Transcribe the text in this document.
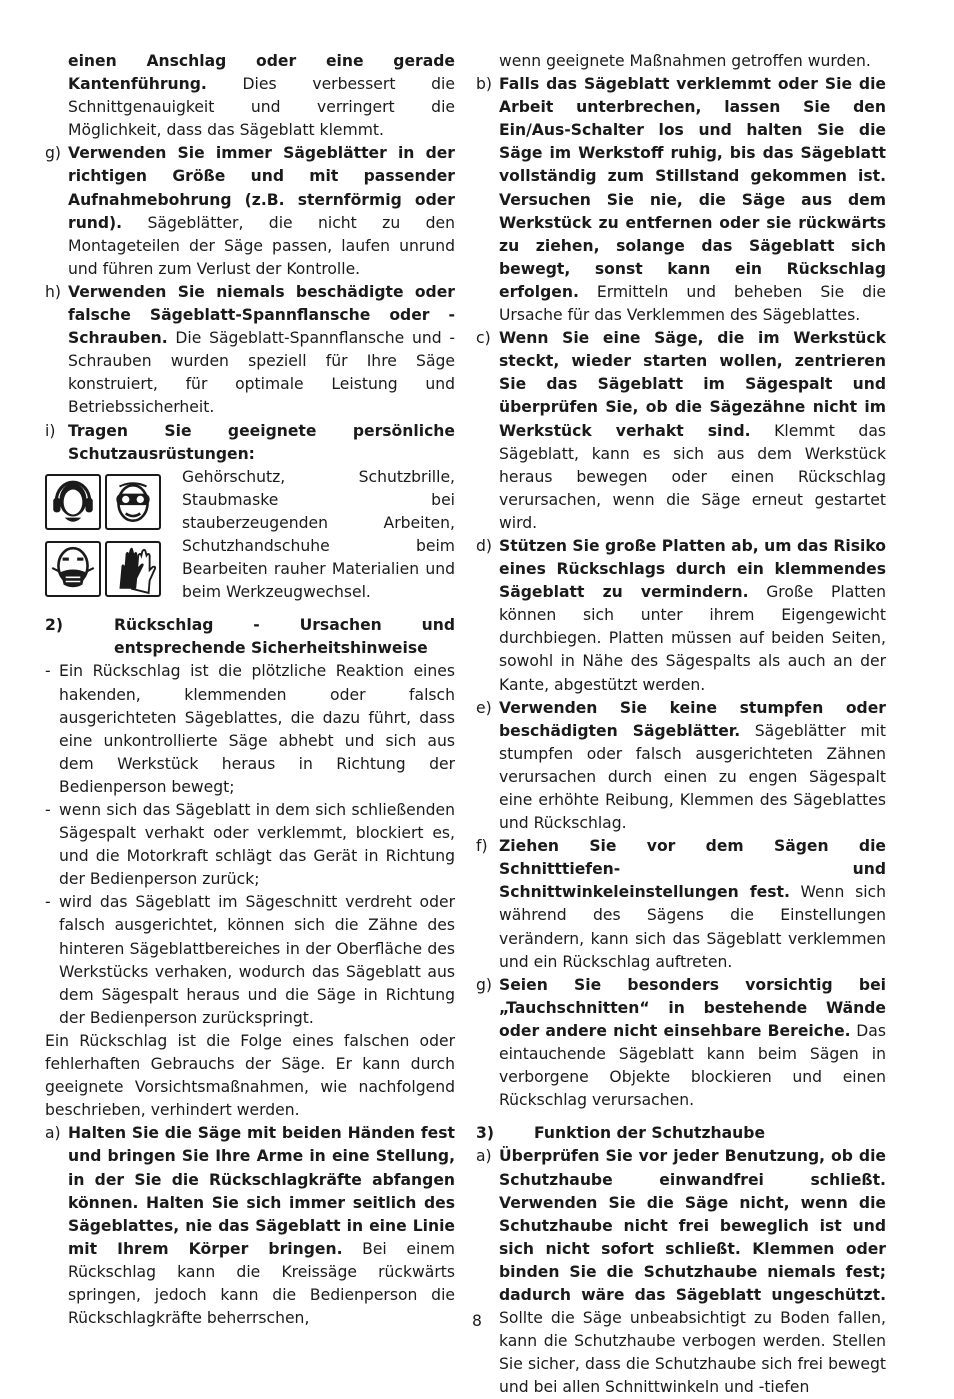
einen Anschlag oder eine gerade Kantenführung. Dies verbessert die Schnittgenauigkeit und verringert die Möglichkeit, dass das Sägeblatt klemmt.
g) Verwenden Sie immer Sägeblätter in der richtigen Größe und mit passender Aufnahmebohrung (z.B. sternförmig oder rund). Sägeblätter, die nicht zu den Montageteilen der Säge passen, laufen unrund und führen zum Verlust der Kontrolle.
h) Verwenden Sie niemals beschädigte oder falsche Sägeblatt-Spannflansche oder -Schrauben. Die Sägeblatt-Spannflansche und -Schrauben wurden speziell für Ihre Säge konstruiert, für optimale Leistung und Betriebssicherheit.
i) Tragen Sie geeignete persönliche Schutzausrüstungen:
Gehörschutz, Schutzbrille, Staubmaske bei stauberzeugenden Arbeiten, Schutzhandschuhe beim Bearbeiten rauher Materialien und beim Werkzeugwechsel.
2)	Rückschlag - Ursachen und entsprechende Sicherheitshinweise
- Ein Rückschlag ist die plötzliche Reaktion eines hakenden, klemmenden oder falsch ausgerichteten Sägeblattes, die dazu führt, dass eine unkontrollierte Säge abhebt und sich aus dem Werkstück heraus in Richtung der Bedienperson bewegt;
- wenn sich das Sägeblatt in dem sich schließenden Sägespalt verhakt oder verklemmt, blockiert es, und die Motorkraft schlägt das Gerät in Richtung der Bedienperson zurück;
- wird das Sägeblatt im Sägeschnitt verdreht oder falsch ausgerichtet, können sich die Zähne des hinteren Sägeblattbereiches in der Oberfläche des Werkstücks verhaken, wodurch das Sägeblatt aus dem Sägespalt heraus und die Säge in Richtung der Bedienperson zurückspringt.
Ein Rückschlag ist die Folge eines falschen oder fehlerhaften Gebrauchs der Säge. Er kann durch geeignete Vorsichtsmaßnahmen, wie nachfolgend beschrieben, verhindert werden.
a) Halten Sie die Säge mit beiden Händen fest und bringen Sie Ihre Arme in eine Stellung, in der Sie die Rückschlagkräfte abfangen können. Halten Sie sich immer seitlich des Sägeblattes, nie das Sägeblatt in eine Linie mit Ihrem Körper bringen. Bei einem Rückschlag kann die Kreissäge rückwärts springen, jedoch kann die Bedienperson die Rückschlagkräfte beherrschen,
wenn geeignete Maßnahmen getroffen wurden.
b) Falls das Sägeblatt verklemmt oder Sie die Arbeit unterbrechen, lassen Sie den Ein/Aus-Schalter los und halten Sie die Säge im Werkstoff ruhig, bis das Sägeblatt vollständig zum Stillstand gekommen ist. Versuchen Sie nie, die Säge aus dem Werkstück zu entfernen oder sie rückwärts zu ziehen, solange das Sägeblatt sich bewegt, sonst kann ein Rückschlag erfolgen. Ermitteln und beheben Sie die Ursache für das Verklemmen des Sägeblattes.
c) Wenn Sie eine Säge, die im Werkstück steckt, wieder starten wollen, zentrieren Sie das Sägeblatt im Sägespalt und überprüfen Sie, ob die Sägezähne nicht im Werkstück verhakt sind. Klemmt das Sägeblatt, kann es sich aus dem Werkstück heraus bewegen oder einen Rückschlag verursachen, wenn die Säge erneut gestartet wird.
d) Stützen Sie große Platten ab, um das Risiko eines Rückschlags durch ein klemmendes Sägeblatt zu vermindern. Große Platten können sich unter ihrem Eigengewicht durchbiegen. Platten müssen auf beiden Seiten, sowohl in Nähe des Sägespalts als auch an der Kante, abgestützt werden.
e) Verwenden Sie keine stumpfen oder beschädigten Sägeblätter. Sägeblätter mit stumpfen oder falsch ausgerichteten Zähnen verursachen durch einen zu engen Sägespalt eine erhöhte Reibung, Klemmen des Sägeblattes und Rückschlag.
f) Ziehen Sie vor dem Sägen die Schnitttiefen- und Schnittwinkeleinstellungen fest. Wenn sich während des Sägens die Einstellungen verändern, kann sich das Sägeblatt verklemmen und ein Rückschlag auftreten.
g) Seien Sie besonders vorsichtig bei „Tauchschnitten“ in bestehende Wände oder andere nicht einsehbare Bereiche. Das eintauchende Sägeblatt kann beim Sägen in verborgene Objekte blockieren und einen Rückschlag verursachen.
3)	Funktion der Schutzhaube
a) Überprüfen Sie vor jeder Benutzung, ob die Schutzhaube einwandfrei schließt. Verwenden Sie die Säge nicht, wenn die Schutzhaube nicht frei beweglich ist und sich nicht sofort schließt. Klemmen oder binden Sie die Schutzhaube niemals fest; dadurch wäre das Sägeblatt ungeschützt. Sollte die Säge unbeabsichtigt zu Boden fallen, kann die Schutzhaube verbogen werden. Stellen Sie sicher, dass die Schutzhaube sich frei bewegt und bei allen Schnittwinkeln und -tiefen
8
